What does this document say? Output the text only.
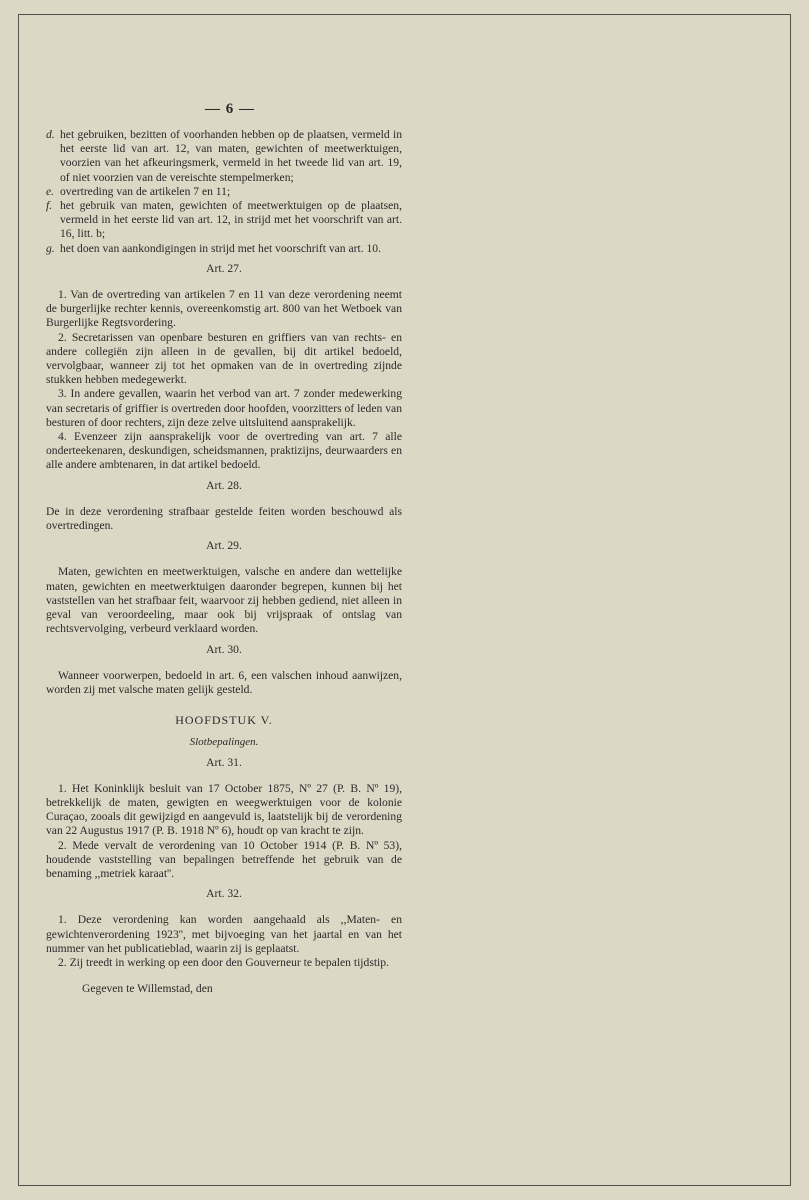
— 6 —
d. het gebruiken, bezitten of voorhanden hebben op de plaatsen, vermeld in het eerste lid van art. 12, van maten, gewichten of meetwerktuigen, voorzien van het afkeuringsmerk, vermeld in het tweede lid van art. 19, of niet voorzien van de vereischte stempelmerken;
e. overtreding van de artikelen 7 en 11;
f. het gebruik van maten, gewichten of meetwerktuigen op de plaatsen, vermeld in het eerste lid van art. 12, in strijd met het voorschrift van art. 16, litt. b;
g. het doen van aankondigingen in strijd met het voorschrift van art. 10.
Art. 27.

1. Van de overtreding van artikelen 7 en 11 van deze verordening neemt de burgerlijke rechter kennis, overeenkomstig art. 800 van het Wetboek van Burgerlijke Regtsvordering.

2. Secretarissen van openbare besturen en griffiers van van rechts- en andere collegiën zijn alleen in de gevallen, bij dit artikel bedoeld, vervolgbaar, wanneer zij tot het opmaken van de in overtreding zijnde stukken hebben medegewerkt.

3. In andere gevallen, waarin het verbod van art. 7 zonder medewerking van secretaris of griffier is overtreden door hoofden, voorzitters of leden van besturen of door rechters, zijn deze zelve uitsluitend aansprakelijk.

4. Evenzeer zijn aansprakelijk voor de overtreding van art. 7 alle onderteekenaren, deskundigen, scheidsmannen, praktizijns, deurwaarders en alle andere ambtenaren, in dat artikel bedoeld.

Art. 28.

De in deze verordening strafbaar gestelde feiten worden beschouwd als overtredingen.

Art. 29.

Maten, gewichten en meetwerktuigen, valsche en andere dan wettelijke maten, gewichten en meetwerktuigen daaronder begrepen, kunnen bij het vaststellen van het strafbaar feit, waarvoor zij hebben gediend, niet alleen in geval van veroordeeling, maar ook bij vrijspraak of ontslag van rechtsvervolging, verbeurd verklaard worden.

Art. 30.

Wanneer voorwerpen, bedoeld in art. 6, een valschen inhoud aanwijzen, worden zij met valsche maten gelijk gesteld.

HOOFDSTUK V.
Slotbepalingen.
Art. 31.

1. Het Koninklijk besluit van 17 October 1875, Nº 27 (P. B. Nº 19), betrekkelijk de maten, gewigten en weegwerktuigen voor de kolonie Curaçao, zooals dit gewijzigd en aangevuld is, laatstelijk bij de verordening van 22 Augustus 1917 (P. B. 1918 Nº 6), houdt op van kracht te zijn.

2. Mede vervalt de verordening van 10 October 1914 (P. B. Nº 53), houdende vaststelling van bepalingen betreffende het gebruik van de benaming ,,metriek karaat''.

Art. 32.

1. Deze verordening kan worden aangehaald als ,,Maten- en gewichtenverordening 1923'', met bijvoeging van het jaartal en van het nummer van het publicatieblad, waarin zij is geplaatst.

2. Zij treedt in werking op een door den Gouverneur te bepalen tijdstip.

Gegeven te Willemstad, den
